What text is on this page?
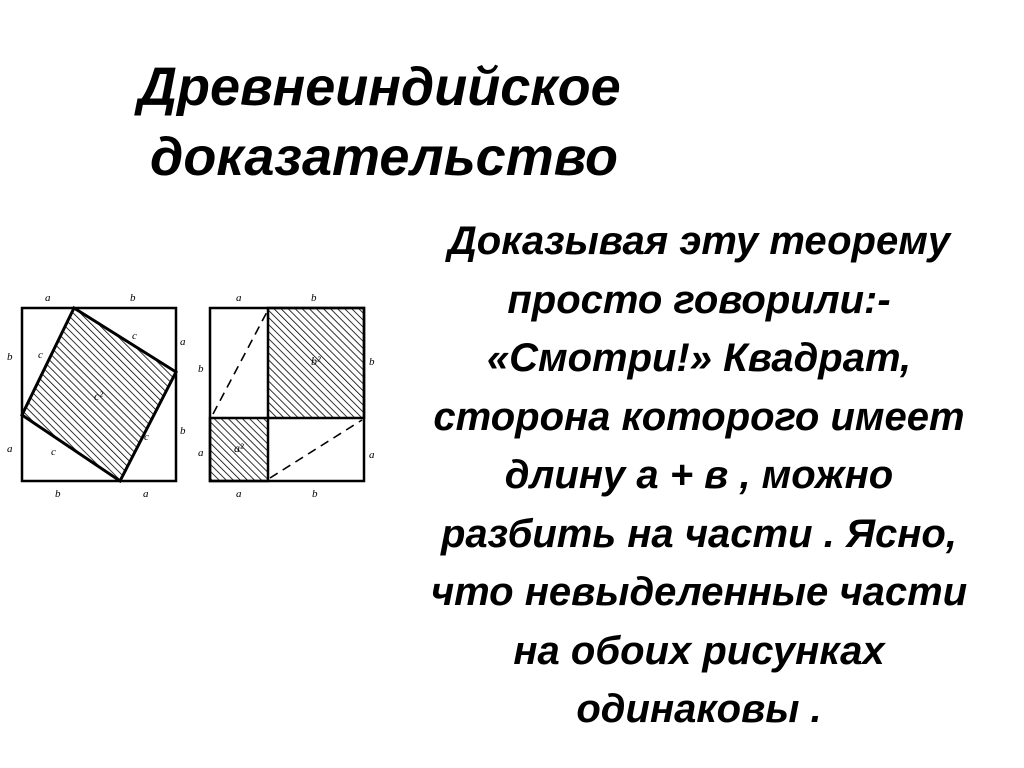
Древнеиндийское
доказательство
Доказывая эту теорему
просто говорили:-
«Смотри!» Квадрат,
сторона которого имеет
длину а + в , можно
разбить на части . Ясно,
что невыделенные части
на обоих рисунках
одинаковы .
a	b
b	a
b
a
a
b
c
c
c
c
c²
a	b
a	b
b
a
b
a
b²
a²
